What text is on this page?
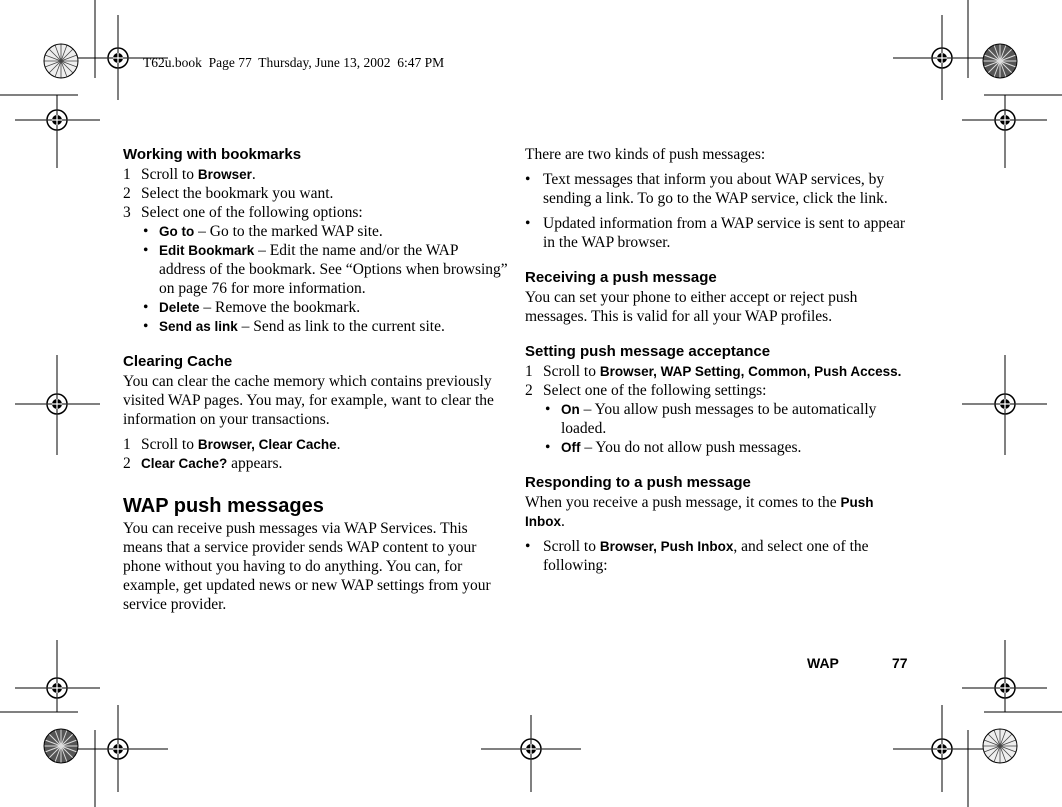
T62u.book Page 77 Thursday, June 13, 2002 6:47 PM
Working with bookmarks
1 Scroll to Browser.
2 Select the bookmark you want.
3 Select one of the following options:
• Go to – Go to the marked WAP site.
• Edit Bookmark – Edit the name and/or the WAP address of the bookmark. See “Options when browsing” on page 76 for more information.
• Delete – Remove the bookmark.
• Send as link – Send as link to the current site.
Clearing Cache

You can clear the cache memory which contains previously visited WAP pages. You may, for example, want to clear the information on your transactions.

1 Scroll to Browser, Clear Cache.
2 Clear Cache? appears.
WAP push messages

You can receive push messages via WAP Services. This means that a service provider sends WAP content to your phone without you having to do anything. You can, for example, get updated news or new WAP settings from your service provider.

There are two kinds of push messages:

• Text messages that inform you about WAP services, by sending a link. To go to the WAP service, click the link.
• Updated information from a WAP service is sent to appear in the WAP browser.
Receiving a push message

You can set your phone to either accept or reject push messages. This is valid for all your WAP profiles.

Setting push message acceptance
1 Scroll to Browser, WAP Setting, Common, Push Access.
2 Select one of the following settings:
• On – You allow push messages to be automatically loaded.
• Off – You do not allow push messages.
Responding to a push message

When you receive a push message, it comes to the Push Inbox.

• Scroll to Browser, Push Inbox, and select one of the following:
WAP	77
